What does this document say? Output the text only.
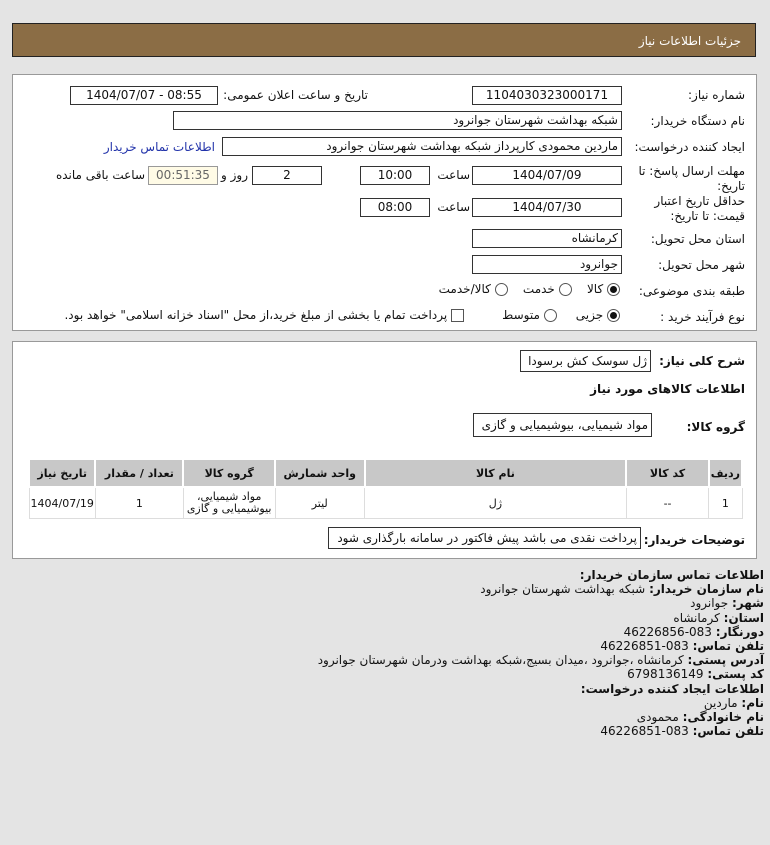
جزئیات اطلاعات نیاز
شماره نیاز:
1104030323000171
تاریخ و ساعت اعلان عمومی:
1404/07/07 - 08:55
نام دستگاه خریدار:
شبکه بهداشت شهرستان جوانرود
ایجاد کننده درخواست:
ماردین محمودی کارپرداز شبکه بهداشت شهرستان جوانرود
اطلاعات تماس خریدار
مهلت ارسال پاسخ: تا تاریخ:
1404/07/09
ساعت
10:00
2
روز و
00:51:35
ساعت باقی مانده
حداقل تاریخ اعتبار قیمت: تا تاریخ:
1404/07/30
ساعت
08:00
استان محل تحویل:
کرمانشاه
شهر محل تحویل:
جوانرود
طبقه بندی موضوعی:
کالا     خدمت     کالا/خدمت
نوع فرآیند خرید :
جزیی      متوسط           پرداخت تمام یا بخشی از مبلغ خرید،از محل "اسناد خزانه اسلامی" خواهد بود.
شرح کلی نیاز:
ژل سوسک کش برسودا
اطلاعات کالاهای مورد نیاز
گروه کالا:
مواد شیمیایی، بیوشیمیایی و گازی
ردیف	کد کالا	نام کالا	واحد شمارش	گروه کالا	تعداد / مقدار	تاریخ نیاز
1	--	ژل	لیتر	مواد شیمیایی، بیوشیمیایی و گازی	1	1404/07/19
توضیحات خریدار:
پرداخت نقدی می باشد پیش فاکتور در سامانه بارگذاری شود
اطلاعات تماس سازمان خریدار:
نام سازمان خریدار: شبکه بهداشت شهرستان جوانرود
شهر: جوانرود
استان: کرمانشاه
دورنگار: 083-46226856
تلفن تماس: 083-46226851
آدرس پستی: کرمانشاه ،جوانرود ،میدان بسیج،شبکه بهداشت ودرمان شهرستان جوانرود
کد پستی: 6798136149
اطلاعات ایجاد کننده درخواست:
نام: ماردین
نام خانوادگی: محمودی
تلفن تماس: 083-46226851
